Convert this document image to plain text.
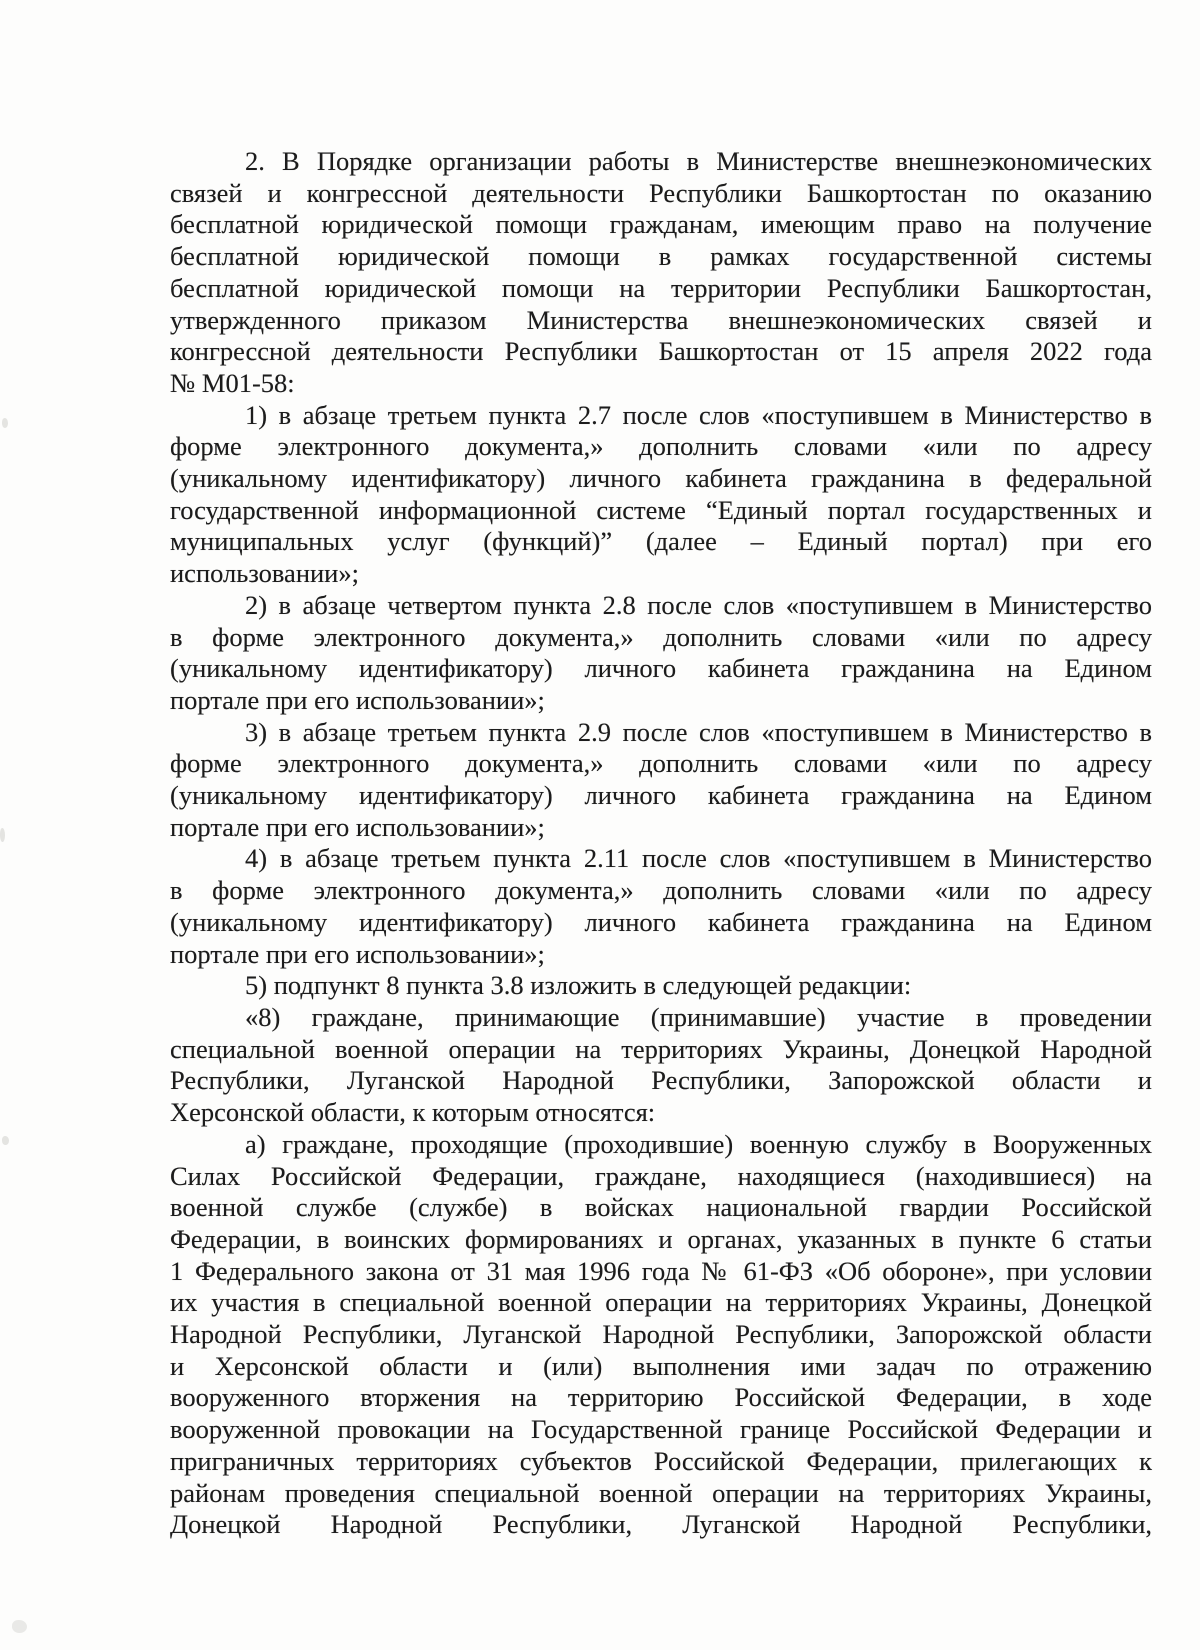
2. В Порядке организации работы в Министерстве внешнеэкономических
связей и конгрессной деятельности Республики Башкортостан по оказанию
бесплатной юридической помощи гражданам, имеющим право на получение
бесплатной юридической помощи в рамках государственной системы
бесплатной юридической помощи на территории Республики Башкортостан,
утвержденного приказом Министерства внешнеэкономических связей и
конгрессной деятельности Республики Башкортостан от 15 апреля 2022 года
№ М01-58:
1) в абзаце третьем пункта 2.7 после слов «поступившем в Министерство в
форме электронного документа,» дополнить словами «или по адресу
(уникальному идентификатору) личного кабинета гражданина в федеральной
государственной информационной системе “Единый портал государственных и
муниципальных услуг (функций)” (далее – Единый портал) при его
использовании»;
2) в абзаце четвертом пункта 2.8 после слов «поступившем в Министерство
в форме электронного документа,» дополнить словами «или по адресу
(уникальному идентификатору) личного кабинета гражданина на Едином
портале при его использовании»;
3) в абзаце третьем пункта 2.9 после слов «поступившем в Министерство в
форме электронного документа,» дополнить словами «или по адресу
(уникальному идентификатору) личного кабинета гражданина на Едином
портале при его использовании»;
4) в абзаце третьем пункта 2.11 после слов «поступившем в Министерство
в форме электронного документа,» дополнить словами «или по адресу
(уникальному идентификатору) личного кабинета гражданина на Едином
портале при его использовании»;
5) подпункт 8 пункта 3.8 изложить в следующей редакции:
«8) граждане, принимающие (принимавшие) участие в проведении
специальной военной операции на территориях Украины, Донецкой Народной
Республики, Луганской Народной Республики, Запорожской области и
Херсонской области, к которым относятся:
а) граждане, проходящие (проходившие) военную службу в Вооруженных
Силах Российской Федерации, граждане, находящиеся (находившиеся) на
военной службе (службе) в войсках национальной гвардии Российской
Федерации, в воинских формированиях и органах, указанных в пункте 6 статьи
1 Федерального закона от 31 мая 1996 года № 61-ФЗ «Об обороне», при условии
их участия в специальной военной операции на территориях Украины, Донецкой
Народной Республики, Луганской Народной Республики, Запорожской области
и Херсонской области и (или) выполнения ими задач по отражению
вооруженного вторжения на территорию Российской Федерации, в ходе
вооруженной провокации на Государственной границе Российской Федерации и
приграничных территориях субъектов Российской Федерации, прилегающих к
районам проведения специальной военной операции на территориях Украины,
Донецкой Народной Республики, Луганской Народной Республики,
